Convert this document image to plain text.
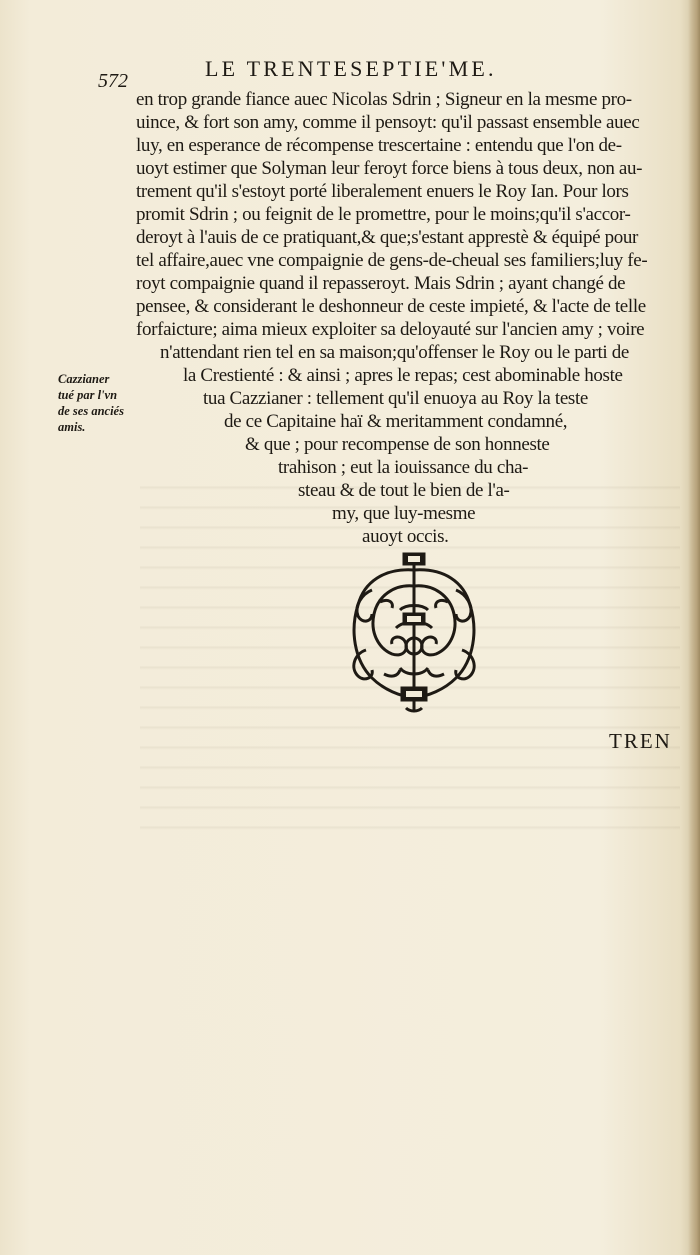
572	LE TRENTESEPTIE'ME.
en trop grande fiance auec Nicolas Sdrin ; Signeur en la mesme pro-
uince, & fort son amy, comme il pensoyt: qu'il passast ensemble auec
luy, en esperance de récompense trescertaine : entendu que l'on de-
uoyt estimer que Solyman leur feroyt force biens à tous deux, non au-
trement qu'il s'estoyt porté liberalement enuers le Roy Ian. Pour lors
promit Sdrin ; ou feignit de le promettre, pour le moins;qu'il s'accor-
deroyt à l'auis de ce pratiquant,& que;s'estant apprestè & équipé pour
tel affaire,auec vne compaignie de gens-de-cheual ses familiers;luy fe-
royt compaignie quand il repasseroyt. Mais Sdrin ; ayant changé de
pensee, & considerant le deshonneur de ceste impieté, & l'acte de telle
forfaicture; aima mieux exploiter sa deloyauté sur l'ancien amy ; voire
n'attendant rien tel en sa maison;qu'offenser le Roy ou le parti de
la Crestienté : & ainsi ; apres le repas; cest abominable hoste
tua Cazzianer : tellement qu'il enuoya au Roy la teste
de ce Capitaine haï & meritamment condamné,
& que ; pour recompense de son honneste
trahison ; eut la iouissance du cha-
steau & de tout le bien de l'a-
my, que luy-mesme
auoyt occis.
Cazzianer
tué par l'vn
de ses anciés
amis.
TREN
